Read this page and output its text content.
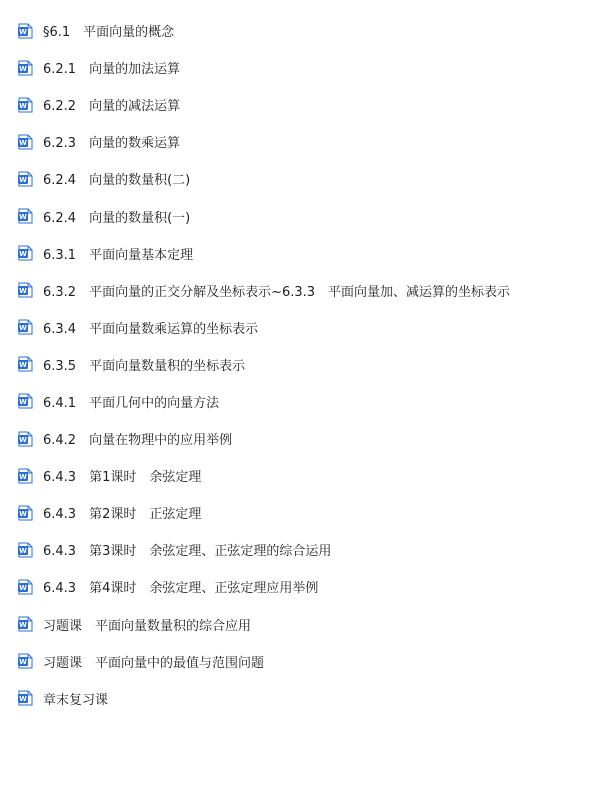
W §6.1　平面向量的概念
W 6.2.1　向量的加法运算
W 6.2.2　向量的减法运算
W 6.2.3　向量的数乘运算
W 6.2.4　向量的数量积(二)
W 6.2.4　向量的数量积(一)
W 6.3.1　平面向量基本定理
W 6.3.2　平面向量的正交分解及坐标表示~6.3.3　平面向量加、减运算的坐标表示
W 6.3.4　平面向量数乘运算的坐标表示
W 6.3.5　平面向量数量积的坐标表示
W 6.4.1　平面几何中的向量方法
W 6.4.2　向量在物理中的应用举例
W 6.4.3　第1课时　余弦定理
W 6.4.3　第2课时　正弦定理
W 6.4.3　第3课时　余弦定理、正弦定理的综合运用
W 6.4.3　第4课时　余弦定理、正弦定理应用举例
W 习题课　平面向量数量积的综合应用
W 习题课　平面向量中的最值与范围问题
W 章末复习课
